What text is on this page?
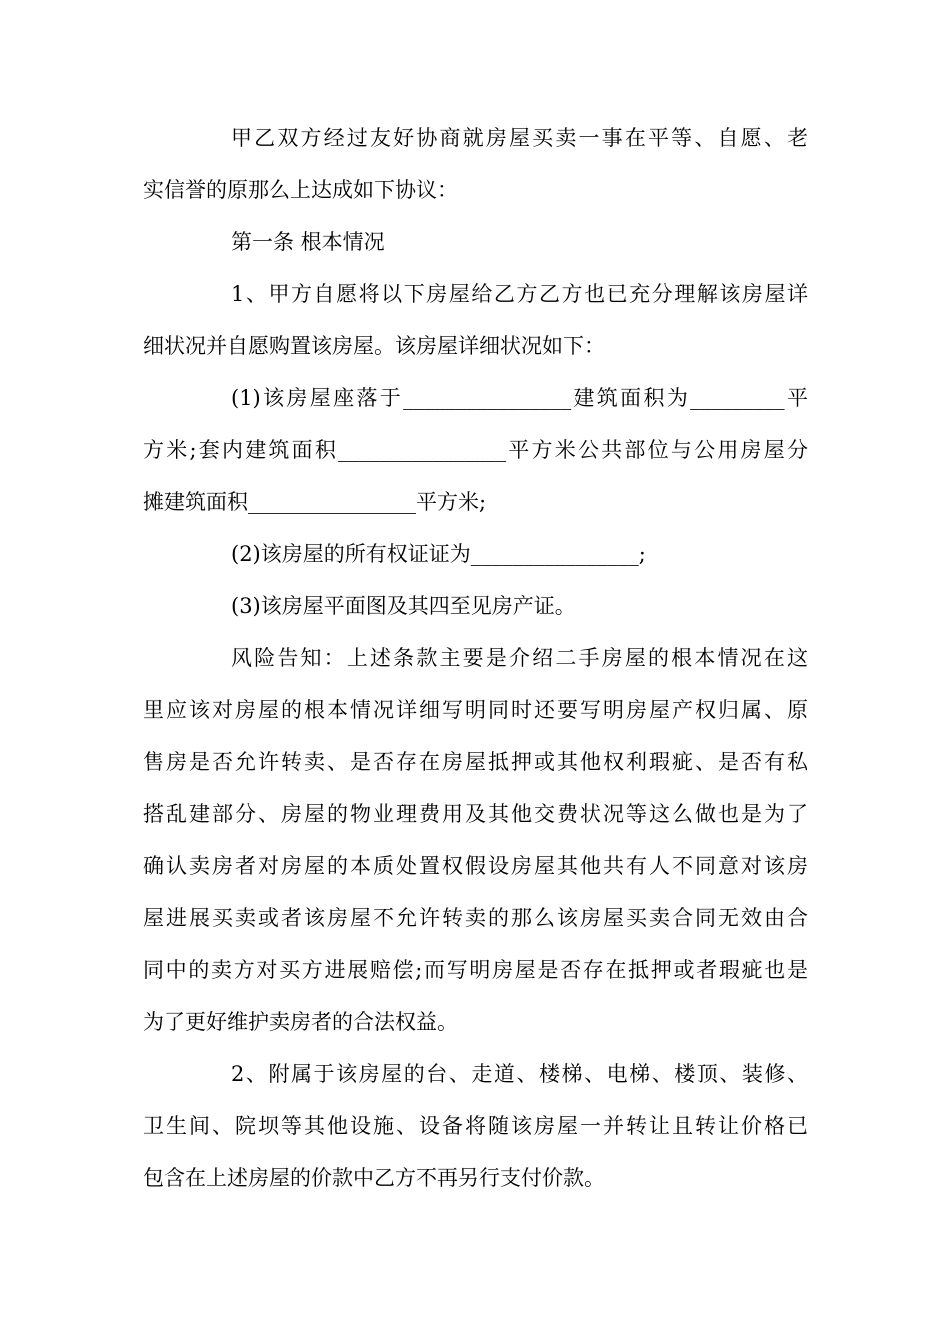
甲乙双方经过友好协商就房屋买卖一事在平等、自愿、老
实信誉的原那么上达成如下协议：
第一条 根本情况
1、甲方自愿将以下房屋给乙方乙方也已充分理解该房屋详
细状况并自愿购置该房屋。该房屋详细状况如下：
(1)该房屋座落于________________建筑面积为_________平
方米;套内建筑面积________________平方米公共部位与公用房屋分
摊建筑面积________________平方米;
(2)该房屋的所有权证证为________________;
(3)该房屋平面图及其四至见房产证。
风险告知：上述条款主要是介绍二手房屋的根本情况在这
里应该对房屋的根本情况详细写明同时还要写明房屋产权归属、原
售房是否允许转卖、是否存在房屋抵押或其他权利瑕疵、是否有私
搭乱建部分、房屋的物业理费用及其他交费状况等这么做也是为了
确认卖房者对房屋的本质处置权假设房屋其他共有人不同意对该房
屋进展买卖或者该房屋不允许转卖的那么该房屋买卖合同无效由合
同中的卖方对买方进展赔偿;而写明房屋是否存在抵押或者瑕疵也是
为了更好维护卖房者的合法权益。
2、附属于该房屋的台、走道、楼梯、电梯、楼顶、装修、
卫生间、院坝等其他设施、设备将随该房屋一并转让且转让价格已
包含在上述房屋的价款中乙方不再另行支付价款。
